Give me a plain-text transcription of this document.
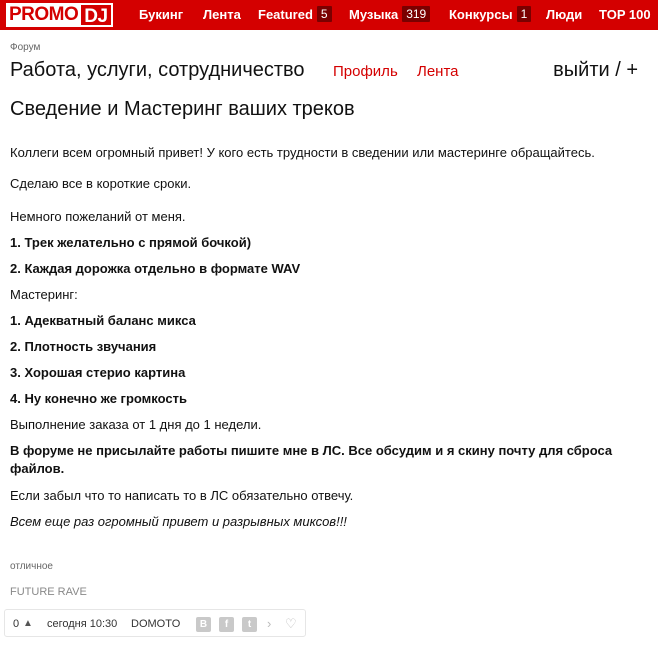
PROMO DJ	Букинг Лента Featured 5	Музыка 319	Конкурсы 1	Люди TOP 100
Форум
Работа, услуги, сотрудничество Профиль Лента	выйти / +
Сведение и Мастеринг ваших треков
Коллеги всем огромный привет! У кого есть трудности в сведении или мастеринге обращайтесь.
Сделаю все в короткие сроки.
Немного пожеланий от меня.
1. Трек желательно с прямой бочкой)
2. Каждая дорожка отдельно в формате WAV
Мастеринг:
1. Адекватный баланс микса
2. Плотность звучания
3. Хорошая стерио картина
4. Ну конечно же громкость
Выполнение заказа от 1 дня до 1 недели.
В форуме не присылайте работы пишите мне в ЛС. Все обсудим и я скину почту для сброса файлов.
Если забыл что то написать то в ЛС обязательно отвечу.
Всем еще раз огромный привет и разрывных миксов!!!
отличное
FUTURE RAVE
0 ▲ сегодня 10:30 DOMOTO	В	f	t	› ♡
